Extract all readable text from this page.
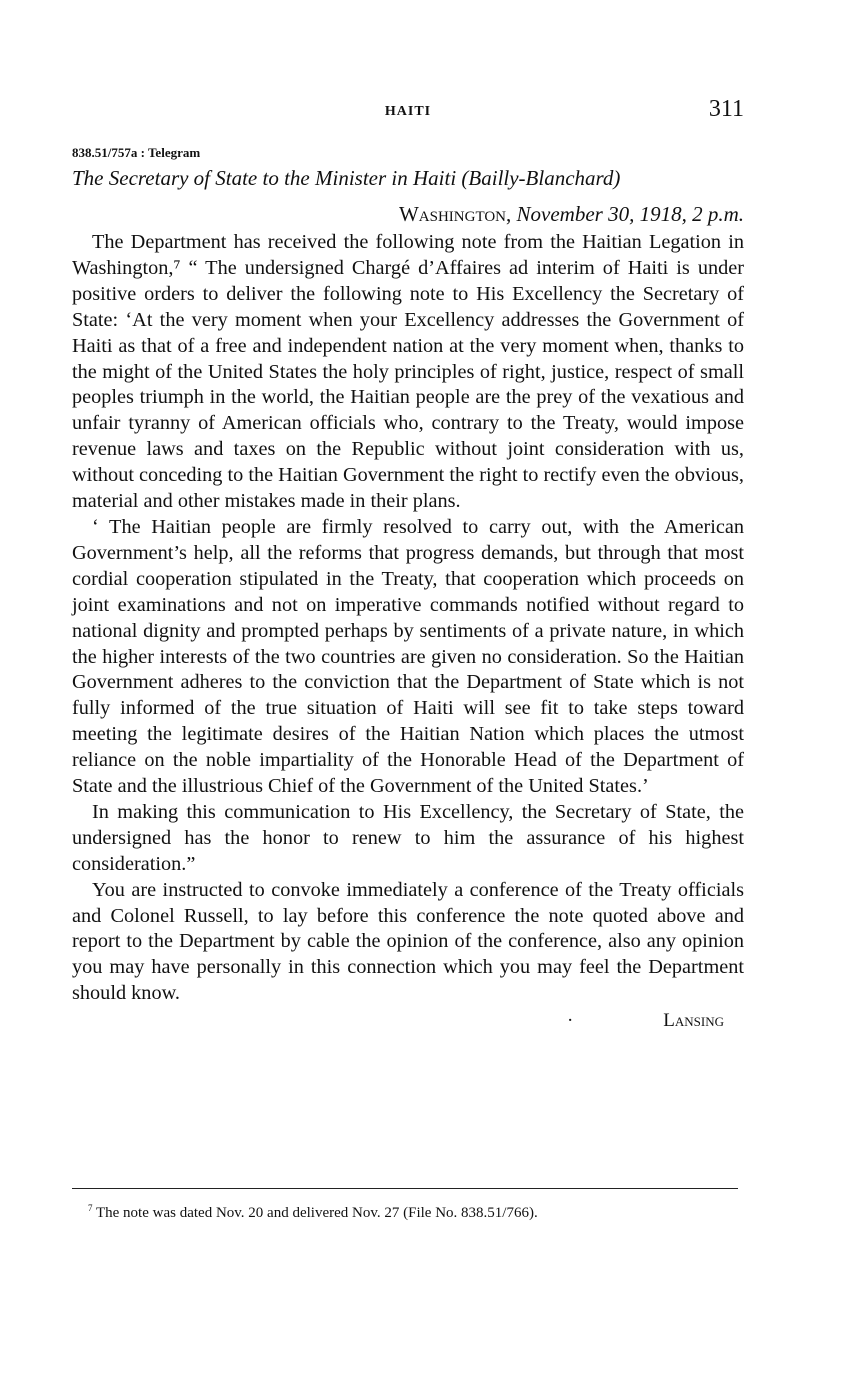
HAITI	311
838.51/757a : Telegram
The Secretary of State to the Minister in Haiti (Bailly-Blanchard)
Washington, November 30, 1918, 2 p.m.

The Department has received the following note from the Haitian Legation in Washington,⁷ “ The undersigned Chargé d’Affaires ad interim of Haiti is under positive orders to deliver the following note to His Excellency the Secretary of State: ‘At the very moment when your Excellency addresses the Government of Haiti as that of a free and independent nation at the very moment when, thanks to the might of the United States the holy principles of right, justice, respect of small peoples triumph in the world, the Haitian people are the prey of the vexatious and unfair tyranny of American officials who, contrary to the Treaty, would impose revenue laws and taxes on the Republic without joint consideration with us, without conceding to the Haitian Government the right to rectify even the obvious, material and other mistakes made in their plans.

‘ The Haitian people are firmly resolved to carry out, with the American Government’s help, all the reforms that progress demands, but through that most cordial cooperation stipulated in the Treaty, that cooperation which proceeds on joint examinations and not on imperative commands notified without regard to national dignity and prompted perhaps by sentiments of a private nature, in which the higher interests of the two countries are given no consideration. So the Haitian Government adheres to the conviction that the Department of State which is not fully informed of the true situation of Haiti will see fit to take steps toward meeting the legitimate desires of the Haitian Nation which places the utmost reliance on the noble impartiality of the Honorable Head of the Department of State and the illustrious Chief of the Government of the United States.’

In making this communication to His Excellency, the Secretary of State, the undersigned has the honor to renew to him the assurance of his highest consideration.”

You are instructed to convoke immediately a conference of the Treaty officials and Colonel Russell, to lay before this conference the note quoted above and report to the Department by cable the opinion of the conference, also any opinion you may have personally in this connection which you may feel the Department should know.

·	Lansing
$^7$ The note was dated Nov. 20 and delivered Nov. 27 (File No. 838.51/766).
